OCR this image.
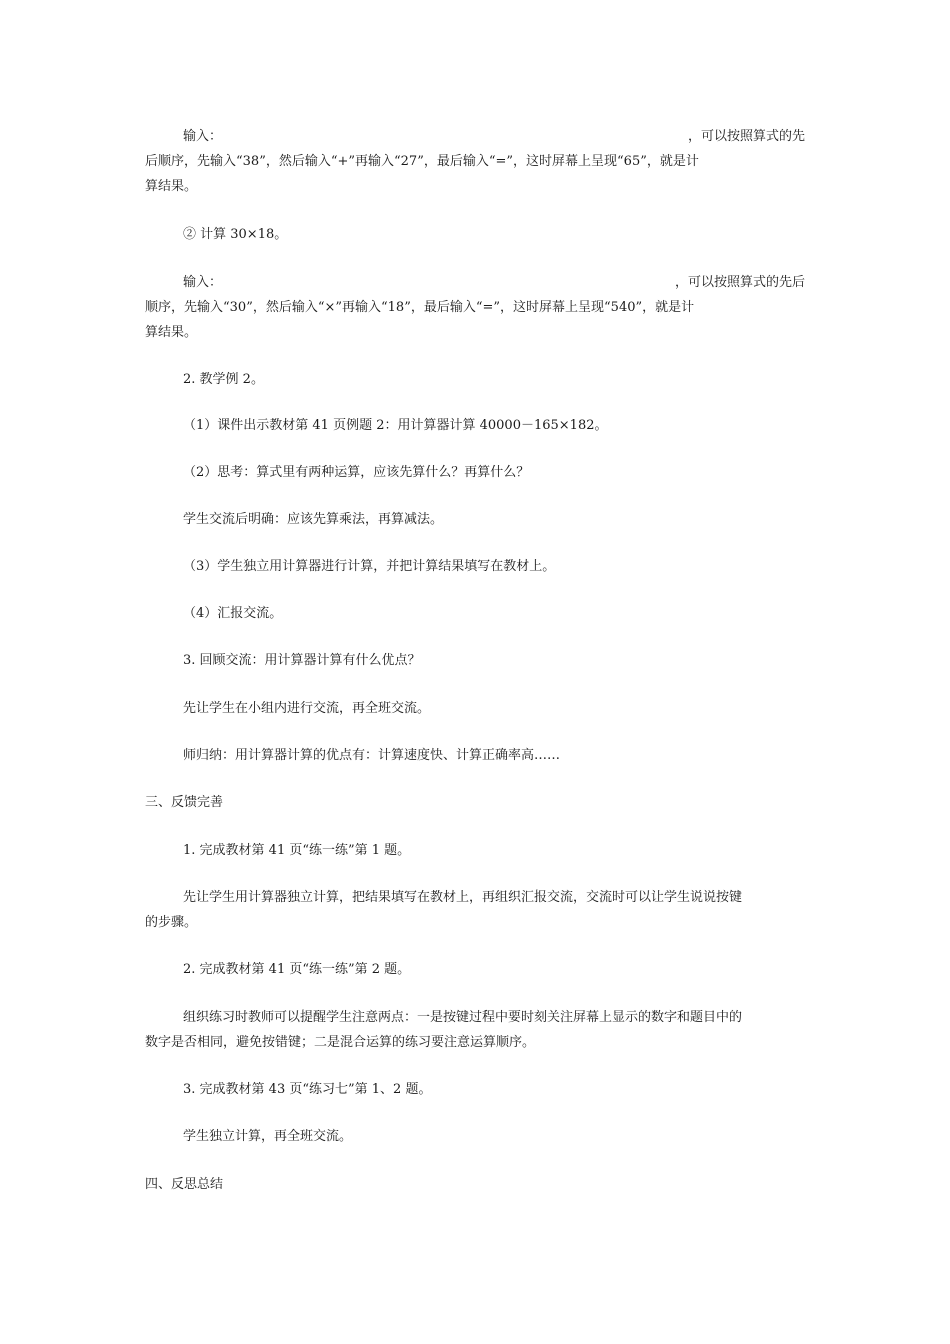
输入：	，可以按照算式的先
后顺序，先输入“38”，然后输入“+”再输入“27”，最后输入“=”，这时屏幕上呈现“65”，就是计
算结果。
② 计算 30×18。
输入：	，可以按照算式的先后
顺序，先输入“30”，然后输入“×”再输入“18”，最后输入“=”，这时屏幕上呈现“540”，就是计
算结果。
2. 教学例 2。
（1）课件出示教材第 41 页例题 2：用计算器计算 40000－165×182。
（2）思考：算式里有两种运算，应该先算什么？再算什么？
学生交流后明确：应该先算乘法，再算减法。
（3）学生独立用计算器进行计算，并把计算结果填写在教材上。
（4）汇报交流。
3. 回顾交流：用计算器计算有什么优点？
先让学生在小组内进行交流，再全班交流。
师归纳：用计算器计算的优点有：计算速度快、计算正确率高……
三、反馈完善
1. 完成教材第 41 页“练一练”第 1 题。
先让学生用计算器独立计算，把结果填写在教材上，再组织汇报交流，交流时可以让学生说说按键
的步骤。
2. 完成教材第 41 页“练一练”第 2 题。
组织练习时教师可以提醒学生注意两点：一是按键过程中要时刻关注屏幕上显示的数字和题目中的
数字是否相同，避免按错键；二是混合运算的练习要注意运算顺序。
3. 完成教材第 43 页“练习七”第 1、2 题。
学生独立计算，再全班交流。
四、反思总结
